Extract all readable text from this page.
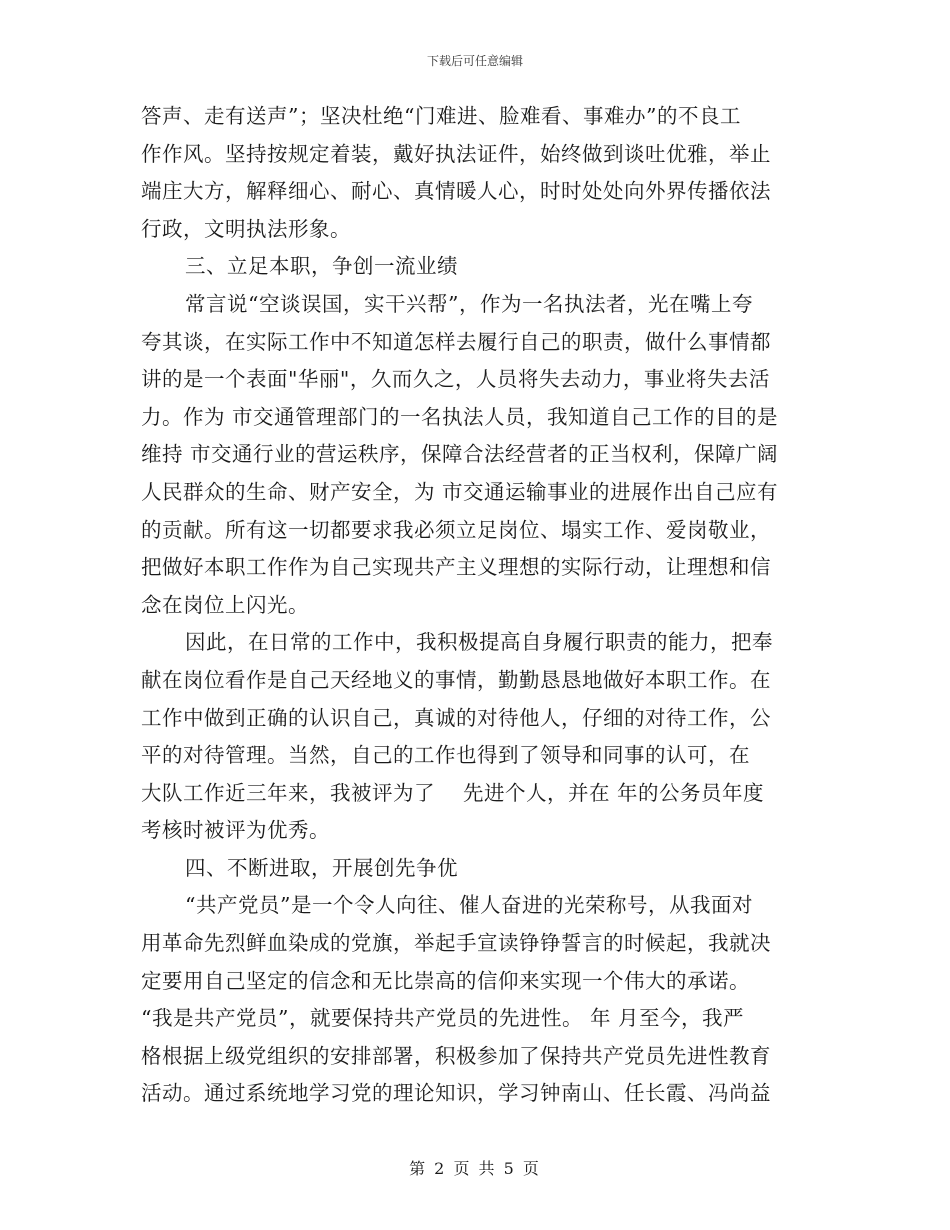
下载后可任意编辑
答声、走有送声”；坚决杜绝“门难进、脸难看、事难办”的不良工
作作风。坚持按规定着装，戴好执法证件，始终做到谈吐优雅，举止
端庄大方，解释细心、耐心、真情暖人心，时时处处向外界传播依法
行政，文明执法形象。
三、立足本职，争创一流业绩
常言说“空谈误国，实干兴帮”，作为一名执法者，光在嘴上夸
夸其谈，在实际工作中不知道怎样去履行自己的职责，做什么事情都
讲的是一个表面"华丽"，久而久之，人员将失去动力，事业将失去活
力。作为 市交通管理部门的一名执法人员，我知道自己工作的目的是
维持 市交通行业的营运秩序，保障合法经营者的正当权利，保障广阔
人民群众的生命、财产安全，为 市交通运输事业的进展作出自己应有
的贡献。所有这一切都要求我必须立足岗位、塌实工作、爱岗敬业，
把做好本职工作作为自己实现共产主义理想的实际行动，让理想和信
念在岗位上闪光。
因此，在日常的工作中，我积极提高自身履行职责的能力，把奉
献在岗位看作是自己天经地义的事情，勤勤恳恳地做好本职工作。在
工作中做到正确的认识自己，真诚的对待他人，仔细的对待工作，公
平的对待管理。当然，自己的工作也得到了领导和同事的认可，在
大队工作近三年来，我被评为了　 先进个人，并在 年的公务员年度
考核时被评为优秀。
四、不断进取，开展创先争优
“共产党员”是一个令人向往、催人奋进的光荣称号，从我面对
用革命先烈鲜血染成的党旗，举起手宣读铮铮誓言的时候起，我就决
定要用自己坚定的信念和无比崇高的信仰来实现一个伟大的承诺。
“我是共产党员”，就要保持共产党员的先进性。 年 月至今，我严
格根据上级党组织的安排部署，积极参加了保持共产党员先进性教育
活动。通过系统地学习党的理论知识，学习钟南山、任长霞、冯尚益
第 2 页 共 5 页
